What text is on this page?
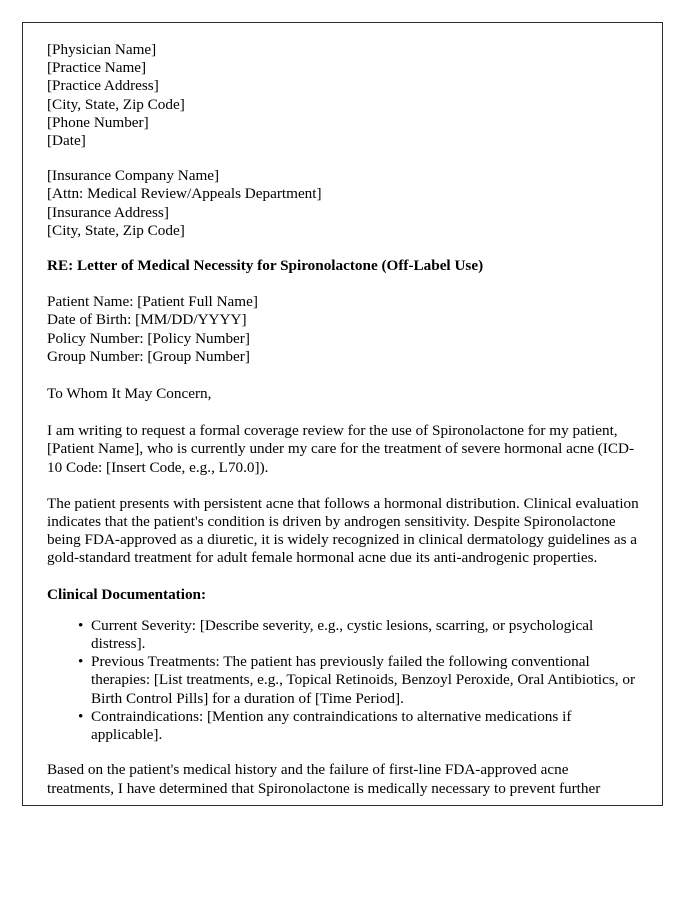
[Physician Name]
[Practice Name]
[Practice Address]
[City, State, Zip Code]
[Phone Number]
[Date]
[Insurance Company Name]
[Attn: Medical Review/Appeals Department]
[Insurance Address]
[City, State, Zip Code]
RE: Letter of Medical Necessity for Spironolactone (Off-Label Use)
Patient Name: [Patient Full Name]
Date of Birth: [MM/DD/YYYY]
Policy Number: [Policy Number]
Group Number: [Group Number]
To Whom It May Concern,

I am writing to request a formal coverage review for the use of Spironolactone for my patient, [Patient Name], who is currently under my care for the treatment of severe hormonal acne (ICD-10 Code: [Insert Code, e.g., L70.0]).

The patient presents with persistent acne that follows a hormonal distribution. Clinical evaluation indicates that the patient's condition is driven by androgen sensitivity. Despite Spironolactone being FDA-approved as a diuretic, it is widely recognized in clinical dermatology guidelines as a gold-standard treatment for adult female hormonal acne due its anti-androgenic properties.

Clinical Documentation:
• Current Severity: [Describe severity, e.g., cystic lesions, scarring, or psychological distress].
• Previous Treatments: The patient has previously failed the following conventional therapies: [List treatments, e.g., Topical Retinoids, Benzoyl Peroxide, Oral Antibiotics, or Birth Control Pills] for a duration of [Time Period].
• Contraindications: [Mention any contraindications to alternative medications if applicable].

Based on the patient's medical history and the failure of first-line FDA-approved acne treatments, I have determined that Spironolactone is medically necessary to prevent further
